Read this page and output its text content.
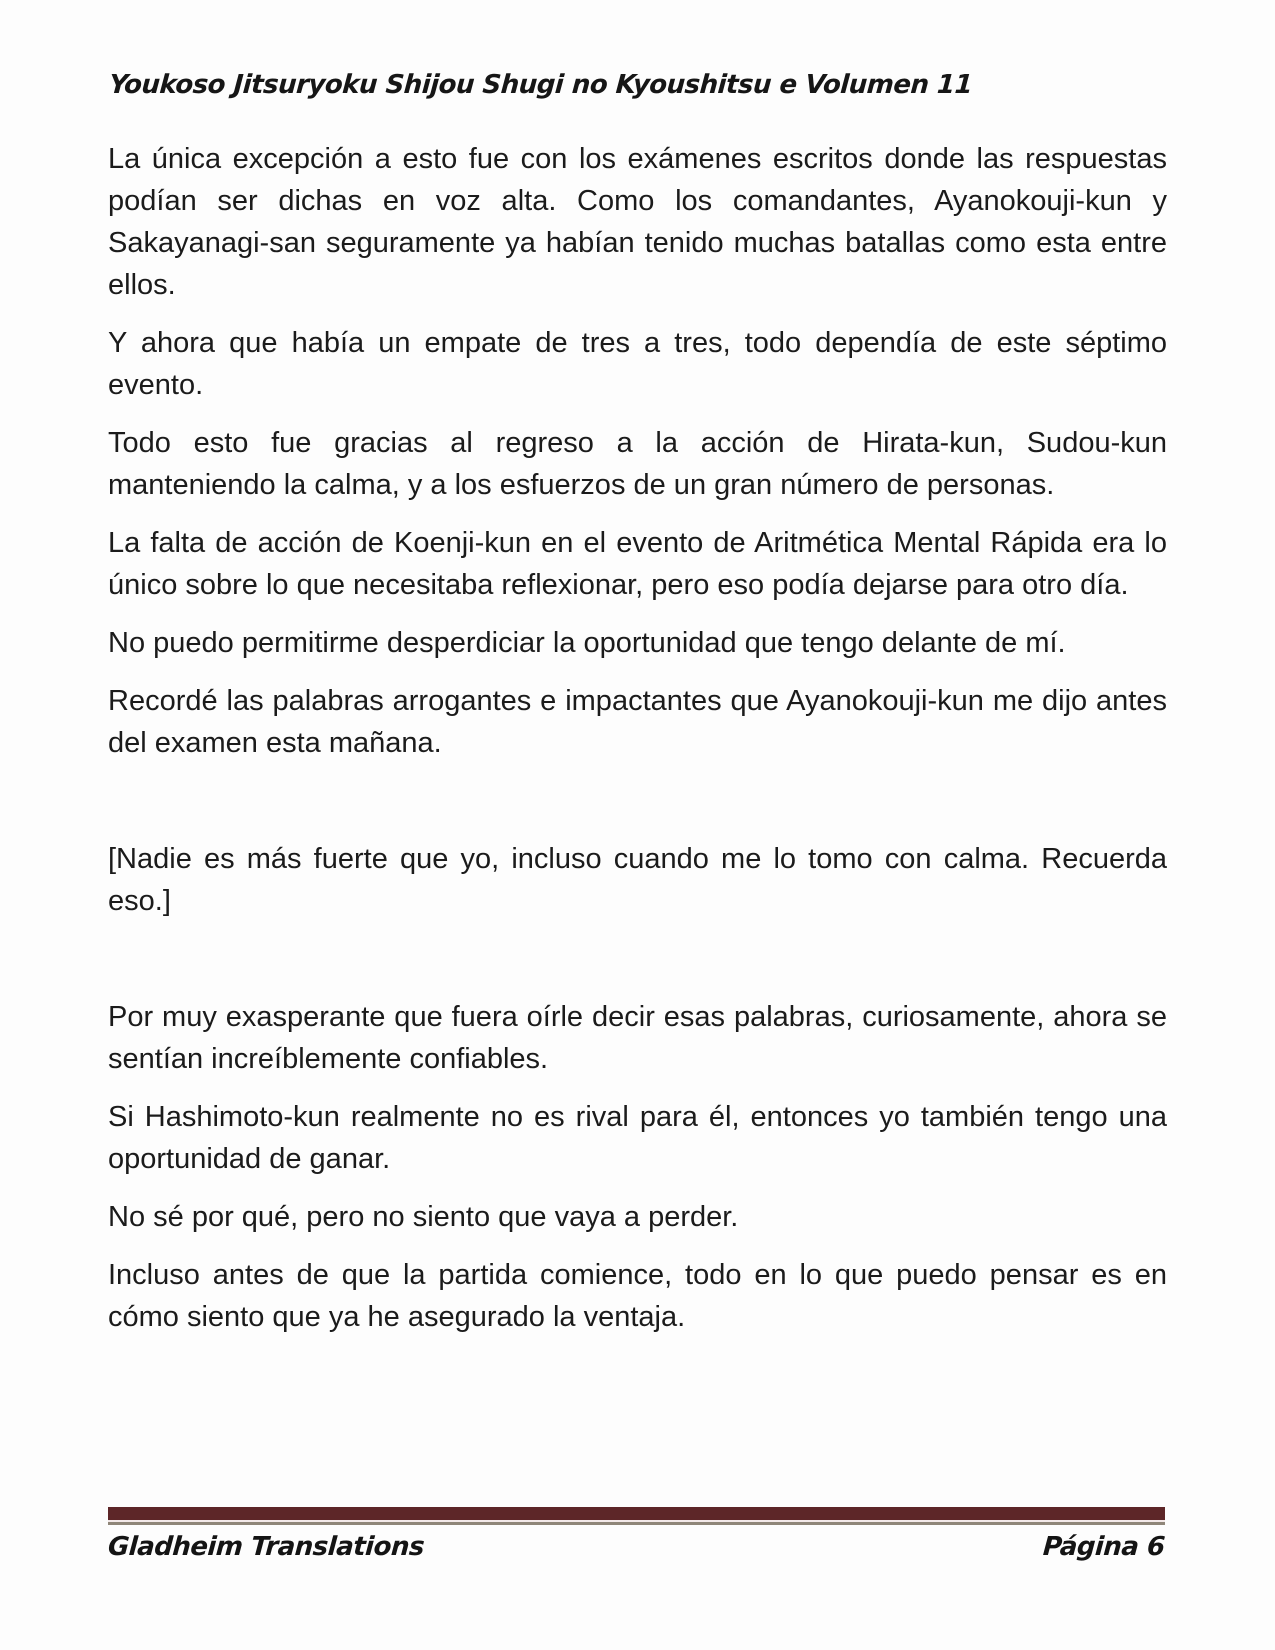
Youkoso Jitsuryoku Shijou Shugi no Kyoushitsu e Volumen 11

La única excepción a esto fue con los exámenes escritos donde las respuestas podían ser dichas en voz alta. Como los comandantes, Ayanokouji-kun y Sakayanagi-san seguramente ya habían tenido muchas batallas como esta entre ellos.

Y ahora que había un empate de tres a tres, todo dependía de este séptimo evento.

Todo esto fue gracias al regreso a la acción de Hirata-kun, Sudou-kun manteniendo la calma, y a los esfuerzos de un gran número de personas.

La falta de acción de Koenji-kun en el evento de Aritmética Mental Rápida era lo único sobre lo que necesitaba reflexionar, pero eso podía dejarse para otro día.

No puedo permitirme desperdiciar la oportunidad que tengo delante de mí.

Recordé las palabras arrogantes e impactantes que Ayanokouji-kun me dijo antes del examen esta mañana.

[Nadie es más fuerte que yo, incluso cuando me lo tomo con calma. Recuerda eso.]

Por muy exasperante que fuera oírle decir esas palabras, curiosamente, ahora se sentían increíblemente confiables.

Si Hashimoto-kun realmente no es rival para él, entonces yo también tengo una oportunidad de ganar.

No sé por qué, pero no siento que vaya a perder.

Incluso antes de que la partida comience, todo en lo que puedo pensar es en cómo siento que ya he asegurado la ventaja.

Gladheim Translations	Página 6
